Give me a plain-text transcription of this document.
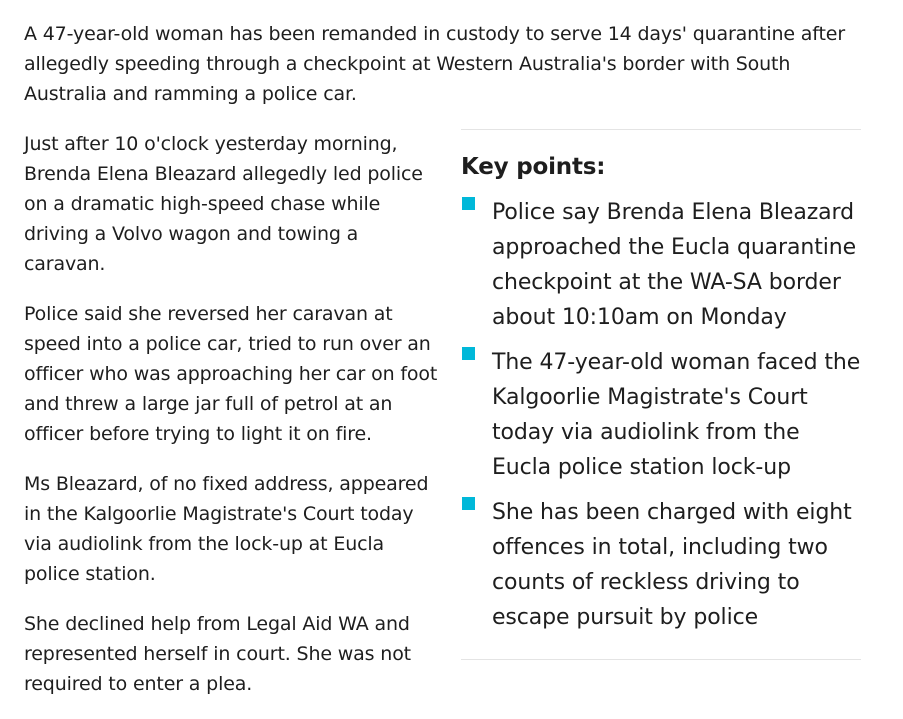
A 47-year-old woman has been remanded in custody to serve 14 days' quarantine after allegedly speeding through a checkpoint at Western Australia's border with South Australia and ramming a police car.

Just after 10 o'clock yesterday morning, Brenda Elena Bleazard allegedly led police on a dramatic high-speed chase while driving a Volvo wagon and towing a caravan.

Police said she reversed her caravan at speed into a police car, tried to run over an officer who was approaching her car on foot and threw a large jar full of petrol at an officer before trying to light it on fire.

Ms Bleazard, of no fixed address, appeared in the Kalgoorlie Magistrate's Court today via audiolink from the lock-up at Eucla police station.

She declined help from Legal Aid WA and represented herself in court. She was not required to enter a plea.

Key points:
Police say Brenda Elena Bleazard approached the Eucla quarantine checkpoint at the WA-SA border about 10:10am on Monday
The 47-year-old woman faced the Kalgoorlie Magistrate's Court today via audiolink from the Eucla police station lock-up
She has been charged with eight offences in total, including two counts of reckless driving to escape pursuit by police
